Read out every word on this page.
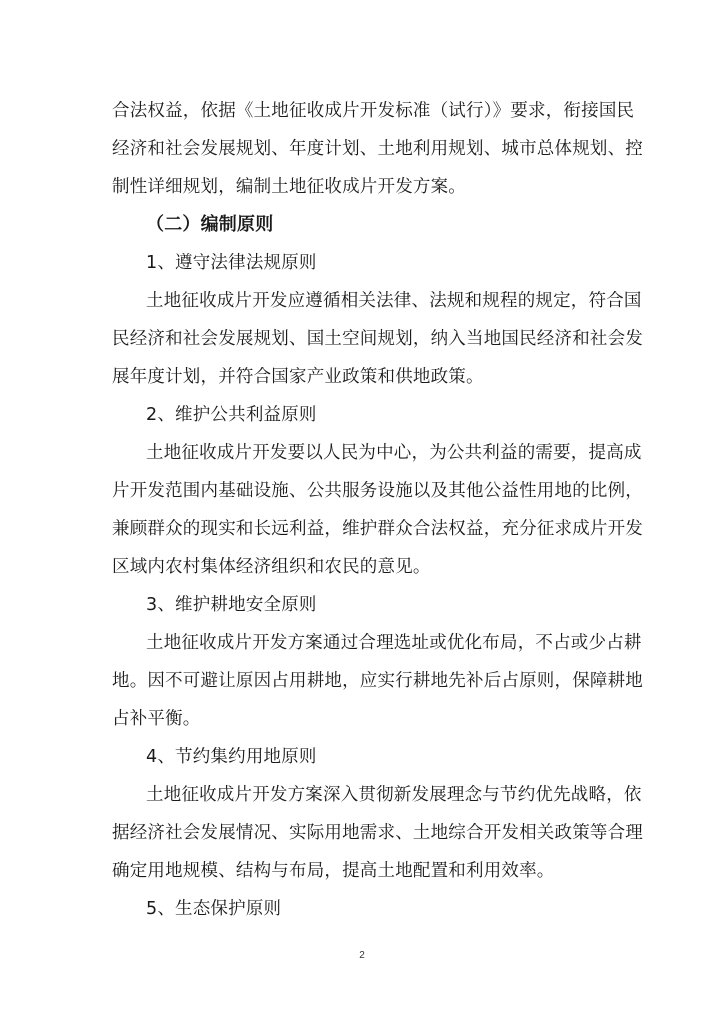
合法权益，依据《土地征收成片开发标准（试行）》要求，衔接国民
经济和社会发展规划、年度计划、土地利用规划、城市总体规划、控
制性详细规划，编制土地征收成片开发方案。
（二）编制原则
1、遵守法律法规原则
土地征收成片开发应遵循相关法律、法规和规程的规定，符合国
民经济和社会发展规划、国土空间规划，纳入当地国民经济和社会发
展年度计划，并符合国家产业政策和供地政策。
2、维护公共利益原则
土地征收成片开发要以人民为中心，为公共利益的需要，提高成
片开发范围内基础设施、公共服务设施以及其他公益性用地的比例，
兼顾群众的现实和长远利益，维护群众合法权益，充分征求成片开发
区域内农村集体经济组织和农民的意见。
3、维护耕地安全原则
土地征收成片开发方案通过合理选址或优化布局，不占或少占耕
地。因不可避让原因占用耕地，应实行耕地先补后占原则，保障耕地
占补平衡。
4、节约集约用地原则
土地征收成片开发方案深入贯彻新发展理念与节约优先战略，依
据经济社会发展情况、实际用地需求、土地综合开发相关政策等合理
确定用地规模、结构与布局，提高土地配置和利用效率。
5、生态保护原则
2
